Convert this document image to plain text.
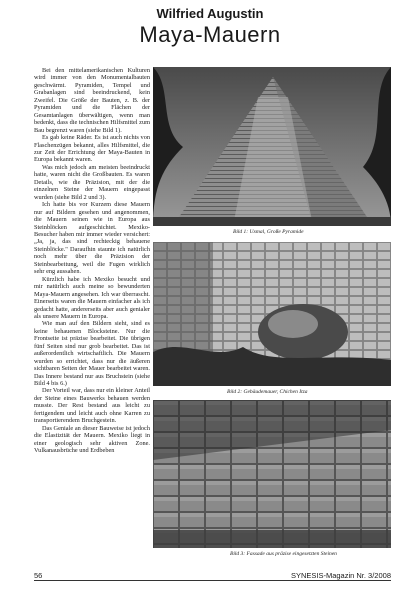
Wilfried Augustin
Maya-Mauern

Bei den mittelamerikanischen Kulturen wird immer von den Monumentalbauten geschwärmt. Pyramiden, Tempel und Grabanlagen sind beeindruckend, kein Zweifel. Die Größe der Bauten, z. B. der Pyramiden und die Flächen der Gesamtanlagen überwältigen, wenn man bedenkt, dass die technischen Hilfsmittel zum Bau begrenzt waren (siehe Bild 1).

Es gab keine Räder. Es ist auch nichts von Flaschenzügen bekannt, alles Hilfsmittel, die zur Zeit der Errichtung der Maya-Bauten in Europa bekannt waren.

Was mich jedoch am meisten beeindruckt hatte, waren nicht die Großbauten. Es waren Details, wie die Präzision, mit der die einzelnen Steine der Mauern eingepasst wurden (siehe Bild 2 und 3).

Ich hatte bis vor Kurzem diese Mauern nur auf Bildern gesehen und angenommen, die Mauern seinen wie in Europa aus Steinblöcken aufgeschichtet. Mexiko-Besucher haben mir immer wieder versichert: „Ja, ja, das sind rechteckig behauene Steinblöcke." Daraufhin staunte ich natürlich noch mehr über die Präzision der Steinbearbeitung, weil die Fugen wirklich sehr eng aussahen.

Kürzlich habe ich Mexiko besucht und mir natürlich auch meine so bewunderten Maya-Mauern angesehen. Ich war überrascht. Einerseits waren die Mauern einfacher als ich gedacht hatte, andererseits aber auch genialer als unsere Mauern in Europa.

Wie man auf den Bildern sieht, sind es keine behauenen Blocksteine. Nur die Frontseite ist präzise bearbeitet. Die übrigen fünf Seiten sind nur grob bearbeitet. Das ist außerordentlich wirtschaftlich. Die Mauern wurden so errichtet, dass nur die äußeren sichtbaren Seiten der Mauer bearbeitet waren. Das Innere bestand nur aus Bruchstein (siehe Bild 4 bis 6.)

Der Vorteil war, dass nur ein kleiner Anteil der Steine eines Bauwerks behauen werden musste. Der Rest bestand aus leicht zu fertigendem und leicht auch ohne Karren zu transportierendem Bruchgestein.

Das Geniale an dieser Bauweise ist jedoch die Elastizität der Mauern. Mexiko liegt in einer geologisch sehr aktiven Zone. Vulkanausbrüche und Erdbeben

Bild 1: Uxmal, Große Pyramide
Bild 2: Gebäudemauer, Chichen Itza
Bild 3: Fassade aus präzise eingesetzten Steinen
56	SYNESIS-Magazin Nr. 3/2008
